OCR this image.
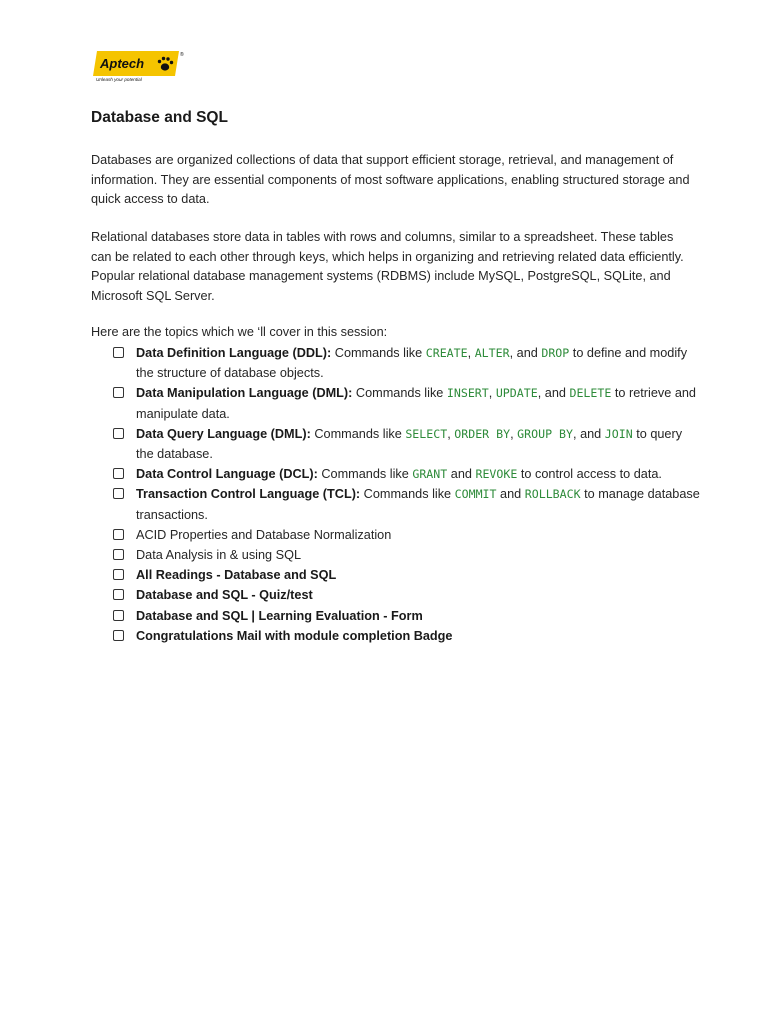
Aptech
®
Unleash your potential
Database and SQL

Databases are organized collections of data that support efficient storage, retrieval, and management of information. They are essential components of most software applications, enabling structured storage and quick access to data.

Relational databases store data in tables with rows and columns, similar to a spreadsheet. These tables can be related to each other through keys, which helps in organizing and retrieving related data efficiently. Popular relational database management systems (RDBMS) include MySQL, PostgreSQL, SQLite, and Microsoft SQL Server.

Here are the topics which we ‘ll cover in this session:

Data Definition Language (DDL): Commands like CREATE, ALTER, and DROP to define and modify the structure of database objects.
Data Manipulation Language (DML): Commands like INSERT, UPDATE, and DELETE to retrieve and manipulate data.
Data Query Language (DML): Commands like SELECT, ORDER BY, GROUP BY, and JOIN to query the database.
Data Control Language (DCL): Commands like GRANT and REVOKE to control access to data.
Transaction Control Language (TCL): Commands like COMMIT and ROLLBACK to manage database transactions.
ACID Properties and Database Normalization
Data Analysis in & using SQL
All Readings - Database and SQL
Database and SQL - Quiz/test
Database and SQL | Learning Evaluation - Form
Congratulations Mail with module completion Badge
